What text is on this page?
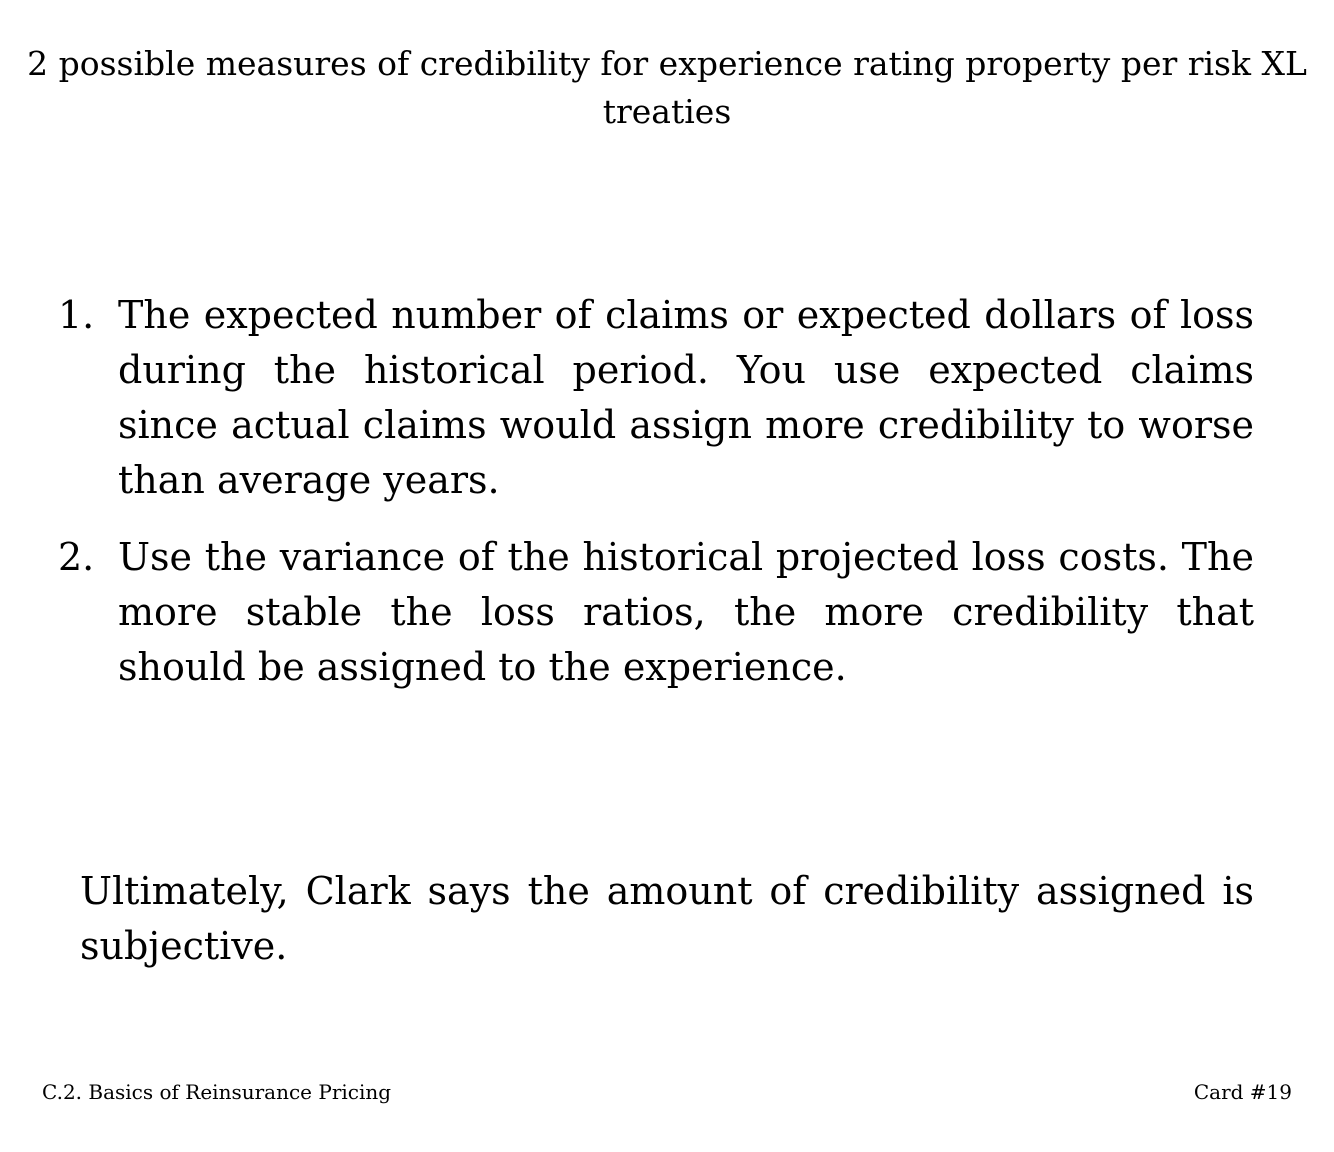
2 possible measures of credibility for experience rating property per risk XL treaties
1. The expected number of claims or expected dollars of loss during the historical period. You use expected claims since actual claims would assign more credibility to worse than average years.

2. Use the variance of the historical projected loss costs. The more stable the loss ratios, the more credibility that should be assigned to the experience.

Ultimately, Clark says the amount of credibility assigned is subjective.

C.2. Basics of Reinsurance Pricing	Card #19
